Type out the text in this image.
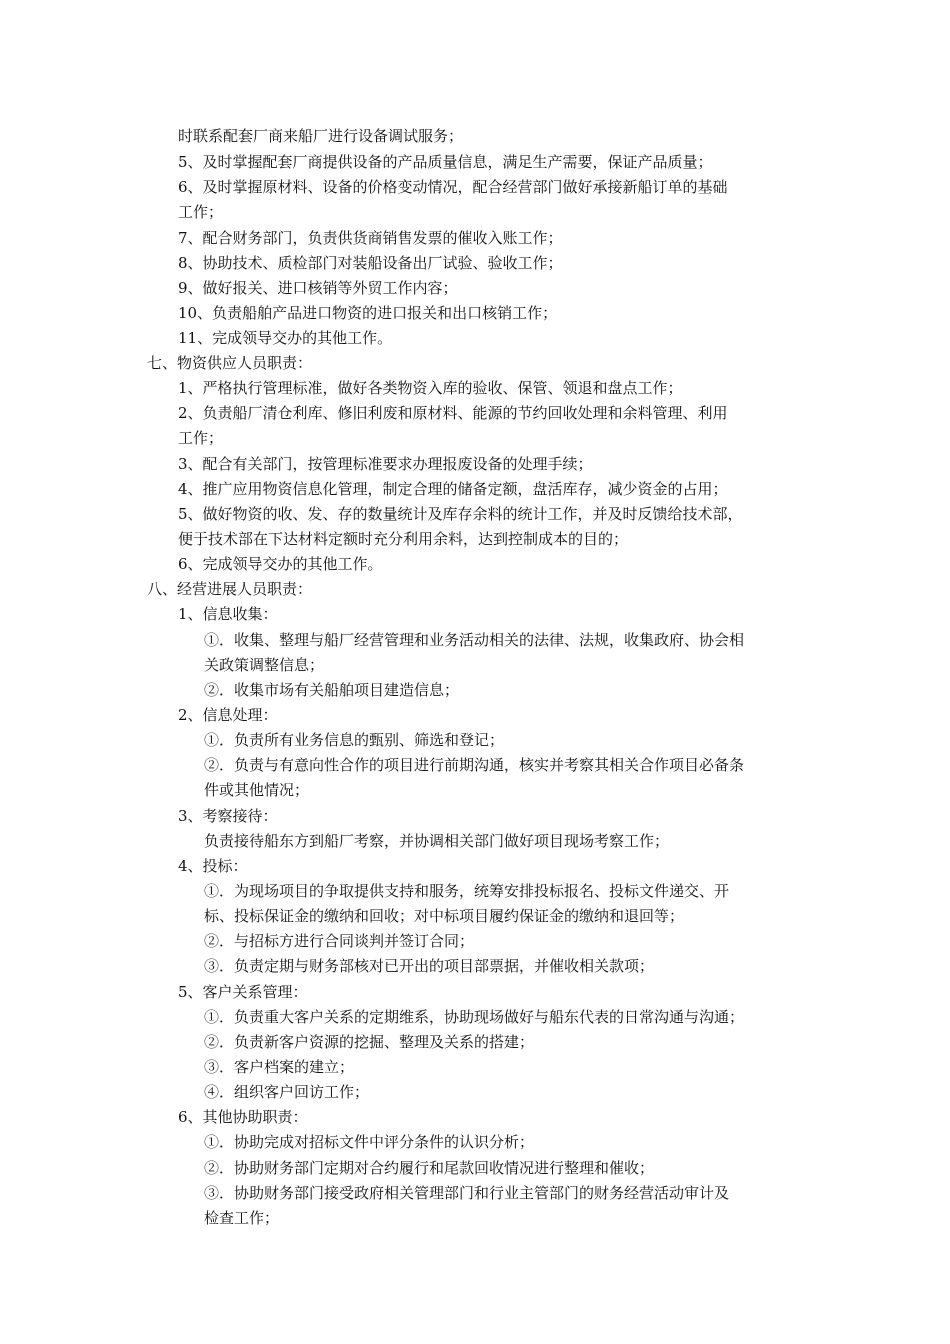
时联系配套厂商来船厂进行设备调试服务；
5、及时掌握配套厂商提供设备的产品质量信息，满足生产需要，保证产品质量；
6、及时掌握原材料、设备的价格变动情况，配合经营部门做好承接新船订单的基础
工作；
7、配合财务部门，负责供货商销售发票的催收入账工作；
8、协助技术、质检部门对装船设备出厂试验、验收工作；
9、做好报关、进口核销等外贸工作内容；
10、负责船舶产品进口物资的进口报关和出口核销工作；
11、完成领导交办的其他工作。
七、物资供应人员职责：
1、严格执行管理标准，做好各类物资入库的验收、保管、领退和盘点工作；
2、负责船厂清仓利库、修旧利废和原材料、能源的节约回收处理和余料管理、利用
工作；
3、配合有关部门，按管理标准要求办理报废设备的处理手续；
4、推广应用物资信息化管理，制定合理的储备定额，盘活库存，减少资金的占用；
5、做好物资的收、发、存的数量统计及库存余料的统计工作，并及时反馈给技术部，
便于技术部在下达材料定额时充分利用余料，达到控制成本的目的；
6、完成领导交办的其他工作。
八、经营进展人员职责：
1、信息收集：
①．收集、整理与船厂经营管理和业务活动相关的法律、法规，收集政府、协会相
关政策调整信息；
②．收集市场有关船舶项目建造信息；
2、信息处理：
①．负责所有业务信息的甄别、筛选和登记；
②．负责与有意向性合作的项目进行前期沟通，核实并考察其相关合作项目必备条
件或其他情况；
3、考察接待：
负责接待船东方到船厂考察，并协调相关部门做好项目现场考察工作；
4、投标：
①．为现场项目的争取提供支持和服务，统筹安排投标报名、投标文件递交、开
标、投标保证金的缴纳和回收；对中标项目履约保证金的缴纳和退回等；
②．与招标方进行合同谈判并签订合同；
③．负责定期与财务部核对已开出的项目部票据，并催收相关款项；
5、客户关系管理：
①．负责重大客户关系的定期维系，协助现场做好与船东代表的日常沟通与沟通；
②．负责新客户资源的挖掘、整理及关系的搭建；
③．客户档案的建立；
④．组织客户回访工作；
6、其他协助职责：
①．协助完成对招标文件中评分条件的认识分析；
②．协助财务部门定期对合约履行和尾款回收情况进行整理和催收；
③．协助财务部门接受政府相关管理部门和行业主管部门的财务经营活动审计及
检查工作；
